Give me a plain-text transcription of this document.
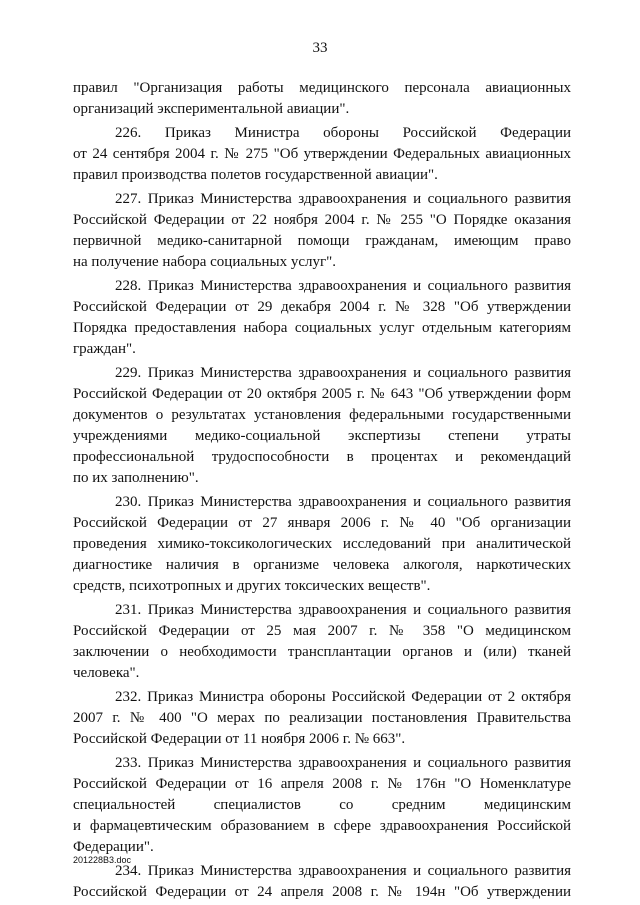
33
правил "Организация работы медицинского персонала авиационных
организаций экспериментальной авиации".
226. Приказ Министра обороны Российской Федерации
от 24 сентября 2004 г. № 275 "Об утверждении Федеральных авиационных
правил производства полетов государственной авиации".
227. Приказ Министерства здравоохранения и социального развития
Российской Федерации от 22 ноября 2004 г. № 255 "О Порядке оказания
первичной медико-санитарной помощи гражданам, имеющим право
на получение набора социальных услуг".
228. Приказ Министерства здравоохранения и социального развития
Российской Федерации от 29 декабря 2004 г. № 328 "Об утверждении
Порядка предоставления набора социальных услуг отдельным категориям
граждан".
229. Приказ Министерства здравоохранения и социального развития
Российской Федерации от 20 октября 2005 г. № 643 "Об утверждении форм
документов о результатах установления федеральными государственными
учреждениями медико-социальной экспертизы степени утраты
профессиональной трудоспособности в процентах и рекомендаций
по их заполнению".
230. Приказ Министерства здравоохранения и социального развития
Российской Федерации от 27 января 2006 г. № 40 "Об организации
проведения химико-токсикологических исследований при аналитической
диагностике наличия в организме человека алкоголя, наркотических
средств, психотропных и других токсических веществ".
231. Приказ Министерства здравоохранения и социального развития
Российской Федерации от 25 мая 2007 г. № 358 "О медицинском
заключении о необходимости трансплантации органов и (или) тканей
человека".
232. Приказ Министра обороны Российской Федерации от 2 октября
2007 г. № 400 "О мерах по реализации постановления Правительства
Российской Федерации от 11 ноября 2006 г. № 663".
233. Приказ Министерства здравоохранения и социального развития
Российской Федерации от 16 апреля 2008 г. № 176н "О Номенклатуре
специальностей специалистов со средним медицинским
и фармацевтическим образованием в сфере здравоохранения Российской
Федерации".
234. Приказ Министерства здравоохранения и социального развития
Российской Федерации от 24 апреля 2008 г. № 194н "Об утверждении
201228B3.doc
